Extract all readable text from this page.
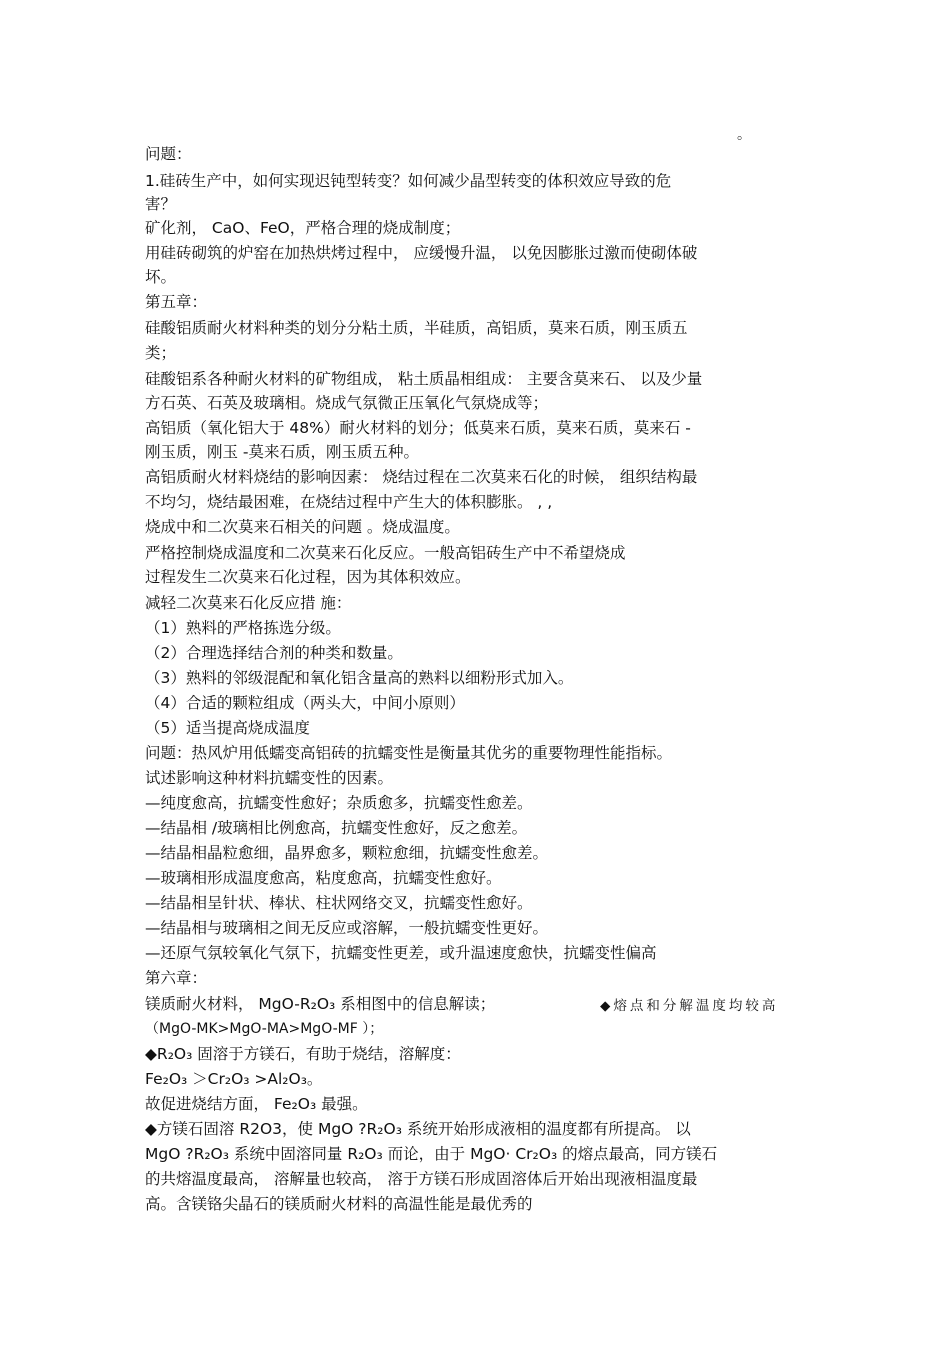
。
问题：
1.硅砖生产中，如何实现迟钝型转变？如何减少晶型转变的体积效应导致的危
害？
矿化剂， CaO、FeO，严格合理的烧成制度；
用硅砖砌筑的炉窑在加热烘烤过程中， 应缓慢升温， 以免因膨胀过激而使砌体破
坏。
第五章：
硅酸铝质耐火材料种类的划分分粘土质，半硅质，高铝质，莫来石质，刚玉质五
类；
硅酸铝系各种耐火材料的矿物组成， 粘土质晶相组成： 主要含莫来石、 以及少量
方石英、石英及玻璃相。烧成气氛微正压氧化气氛烧成等；
高铝质（氧化铝大于 48%）耐火材料的划分；低莫来石质，莫来石质，莫来石 -
刚玉质，刚玉 -莫来石质，刚玉质五种。
高铝质耐火材料烧结的影响因素： 烧结过程在二次莫来石化的时候， 组织结构最
不均匀，烧结最困难，在烧结过程中产生大的体积膨胀。 , ,
烧成中和二次莫来石相关的问题 。烧成温度。
严格控制烧成温度和二次莫来石化反应。一般高铝砖生产中不希望烧成
过程发生二次莫来石化过程，因为其体积效应。
减轻二次莫来石化反应措 施：
（1）熟料的严格拣选分级。
（2）合理选择结合剂的种类和数量。
（3）熟料的邻级混配和氧化铝含量高的熟料以细粉形式加入。
（4）合适的颗粒组成（两头大，中间小原则）
（5）适当提高烧成温度
问题：热风炉用低蠕变高铝砖的抗蠕变性是衡量其优劣的重要物理性能指标。
试述影响这种材料抗蠕变性的因素。
—纯度愈高，抗蠕变性愈好；杂质愈多，抗蠕变性愈差。
—结晶相 /玻璃相比例愈高，抗蠕变性愈好，反之愈差。
—结晶相晶粒愈细，晶界愈多，颗粒愈细，抗蠕变性愈差。
—玻璃相形成温度愈高，粘度愈高，抗蠕变性愈好。
—结晶相呈针状、棒状、柱状网络交叉，抗蠕变性愈好。
—结晶相与玻璃相之间无反应或溶解，一般抗蠕变性更好。
—还原气氛较氧化气氛下，抗蠕变性更差，或升温速度愈快，抗蠕变性偏高
第六章：
镁质耐火材料， MgO-R₂O₃ 系相图中的信息解读；	◆熔点和分解温度均较高
（MgO-MK>MgO-MA>MgO-MF ）；
◆R₂O₃ 固溶于方镁石，有助于烧结，溶解度：
Fe₂O₃ ＞Cr₂O₃ >Al₂O₃。
故促进烧结方面， Fe₂O₃ 最强。
◆方镁石固溶 R2O3，使 MgO ?R₂O₃ 系统开始形成液相的温度都有所提高。 以
MgO ?R₂O₃ 系统中固溶同量 R₂O₃ 而论，由于 MgO· Cr₂O₃ 的熔点最高，同方镁石
的共熔温度最高， 溶解量也较高， 溶于方镁石形成固溶体后开始出现液相温度最
高。含镁铬尖晶石的镁质耐火材料的高温性能是最优秀的
